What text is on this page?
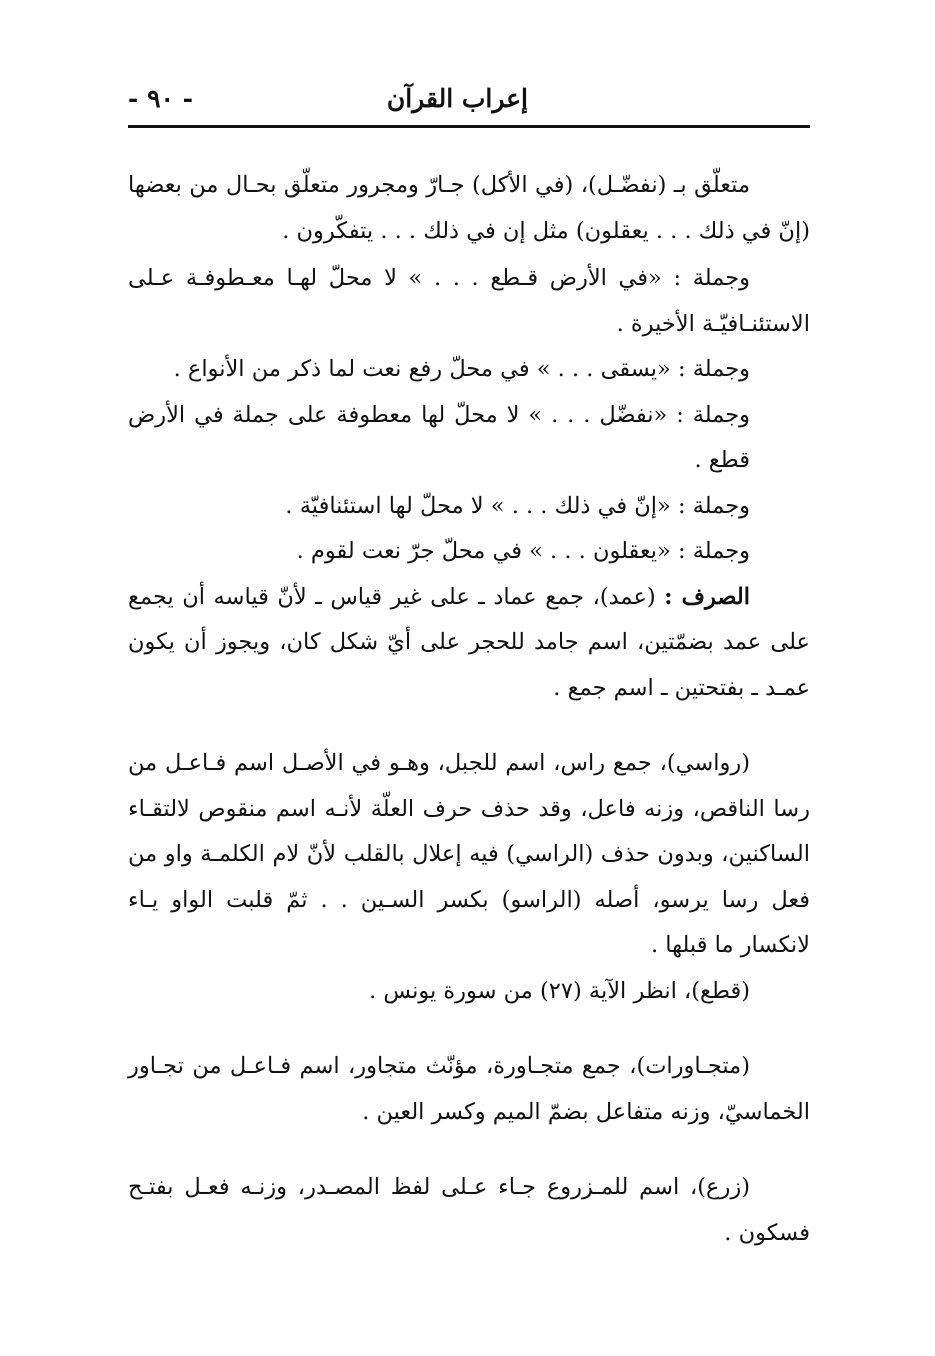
إعراب القرآن
- ٩٠ -

متعلّق بـ (نفضّـل)، (في الأكل) جـارّ ومجرور متعلّق بحـال من بعضها (إنّ في ذلك . . . يعقلون) مثل إن في ذلك . . . يتفكّرون .

وجملة : «في الأرض قـطع . . . » لا محلّ لهـا معـطوفـة عـلى الاستئنـافيّـة الأخيرة .

وجملة : «يسقى . . . » في محلّ رفع نعت لما ذكر من الأنواع .

وجملة : «نفضّل . . . » لا محلّ لها معطوفة على جملة في الأرض قطع .

وجملة : «إنّ في ذلك . . . » لا محلّ لها استئنافيّة .

وجملة : «يعقلون . . . » في محلّ جرّ نعت لقوم .

الصرف : (عمد)، جمع عماد ـ على غير قياس ـ لأنّ قياسه أن يجمع على عمد بضمّتين، اسم جامد للحجر على أيّ شكل كان، ويجوز أن يكون عمـد ـ بفتحتين ـ اسم جمع .

(رواسي)، جمع راس، اسم للجبل، وهـو في الأصـل اسم فـاعـل من رسا الناقص، وزنه فاعل، وقد حذف حرف العلّة لأنـه اسم منقوص لالتقـاء الساكنين، وبدون حذف (الراسي) فيه إعلال بالقلب لأنّ لام الكلمـة واو من فعل رسا يرسو، أصله (الراسو) بكسر السـين . . ثمّ قلبت الواو يـاء لانكسار ما قبلها .

(قطع)، انظر الآية (٢٧) من سورة يونس .

(متجـاورات)، جمع متجـاورة، مؤنّث متجاور، اسم فـاعـل من تجـاور الخماسيّ، وزنه متفاعل بضمّ الميم وكسر العين .

(زرع)، اسم للمـزروع جـاء عـلى لفظ المصـدر، وزنـه فعـل بفتـح فسكون .
